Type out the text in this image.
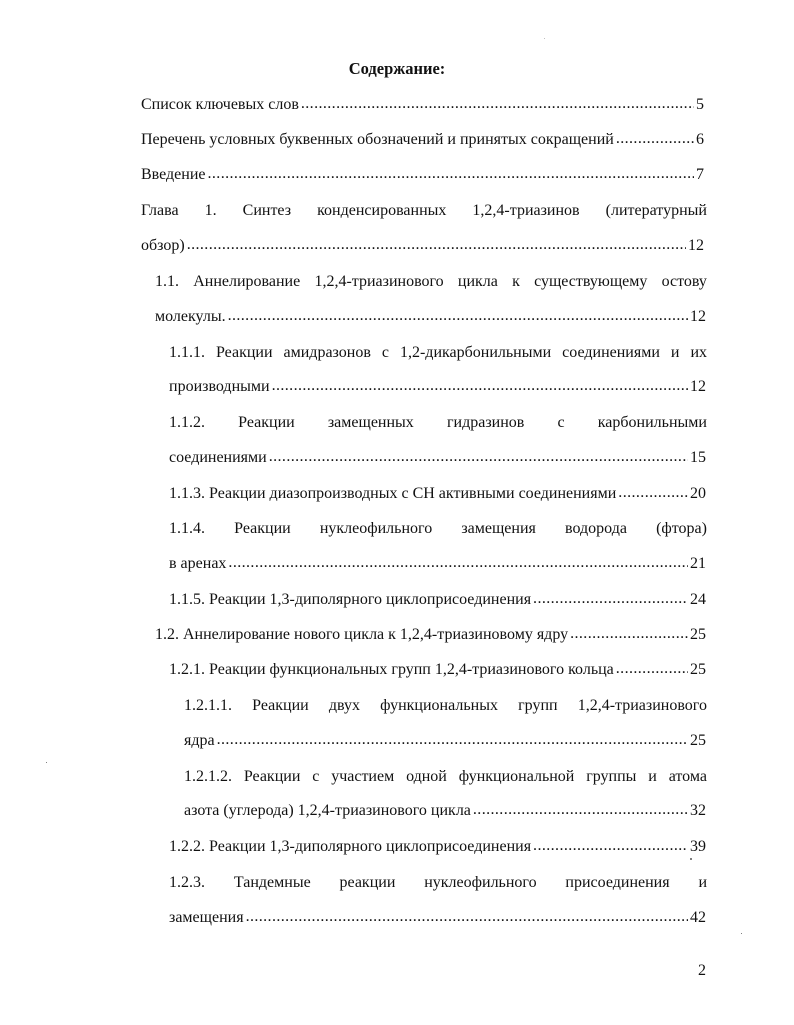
Содержание:
Список ключевых слов .....	5
Перечень условных буквенных обозначений и принятых сокращений .....	6
Введение .....	7
Глава 1. Синтез конденсированных 1,2,4-триазинов (литературный
обзор) .....	12
1.1. Аннелирование 1,2,4-триазинового цикла к существующему остову
молекулы. .....	12
1.1.1. Реакции амидразонов с 1,2-дикарбонильными соединениями и их
производными .....	12
1.1.2. Реакции замещенных гидразинов с карбонильными
соединениями .....	15
1.1.3. Реакции диазопроизводных с СН активными соединениями .....	20
1.1.4. Реакции нуклеофильного замещения водорода (фтора)
в аренах .....	21
1.1.5. Реакции 1,3-диполярного циклоприсоединения .....	24
1.2. Аннелирование нового цикла к 1,2,4-триазиновому ядру .....	25
1.2.1. Реакции функциональных групп 1,2,4-триазинового кольца .....	25
1.2.1.1. Реакции двух функциональных групп 1,2,4-триазинового
ядра .....	25
1.2.1.2. Реакции с участием одной функциональной группы и атома
азота (углерода) 1,2,4-триазинового цикла .....	32
1.2.2. Реакции 1,3-диполярного циклоприсоединения .....	39
1.2.3. Тандемные реакции нуклеофильного присоединения и
замещения .....	42
2
